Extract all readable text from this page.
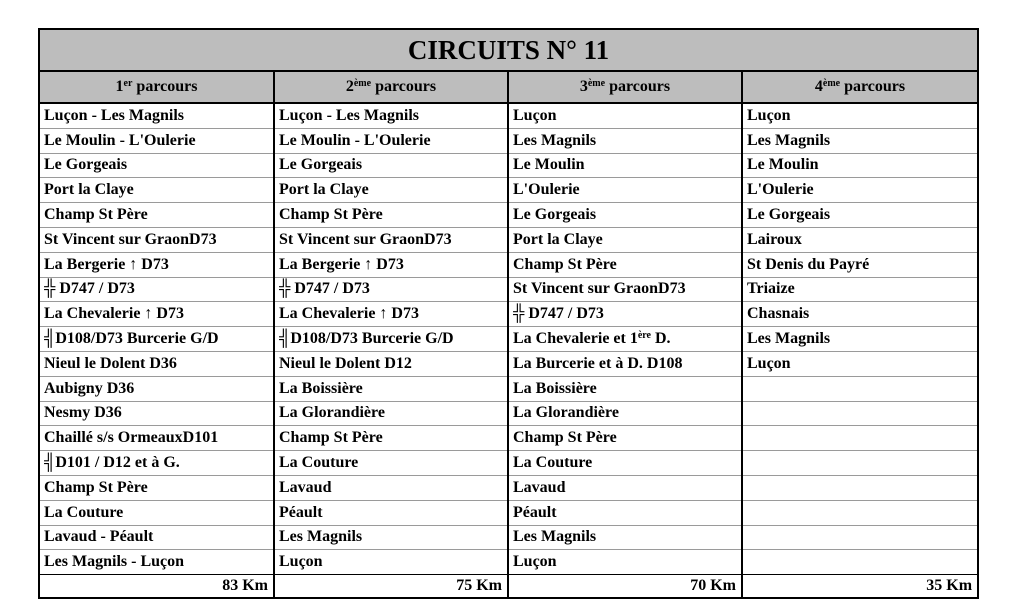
CIRCUITS N° 11			
1er parcours	2ème parcours	3ème parcours	4ème parcours
Luçon - Les Magnils	Luçon - Les Magnils	Luçon	Luçon
Le Moulin - L'Oulerie	Le Moulin - L'Oulerie	Les Magnils	Les Magnils
Le Gorgeais	Le Gorgeais	Le Moulin	Le Moulin
Port la Claye	Port la Claye	L'Oulerie	L'Oulerie
Champ St Père	Champ St Père	Le Gorgeais	Le Gorgeais
St Vincent sur GraonD73	St Vincent sur GraonD73	Port la Claye	Lairoux
La Bergerie ↑ D73	La Bergerie ↑ D73	Champ St Père	St Denis du Payré
╬ D747 / D73	╬ D747 / D73	St Vincent sur GraonD73	Triaize
La Chevalerie ↑ D73	La Chevalerie ↑ D73	╬ D747 / D73	Chasnais
╣D108/D73 Burcerie G/D	╣D108/D73 Burcerie G/D	La Chevalerie et 1ère D.	Les Magnils
Nieul le Dolent D36	Nieul le Dolent D12	La Burcerie et à D. D108	Luçon
Aubigny D36	La Boissière	La Boissière	
Nesmy D36	La Glorandière	La Glorandière	
Chaillé s/s OrmeauxD101	Champ St Père	Champ St Père	
╣D101 / D12 et à G.	La Couture	La Couture	
Champ St Père	Lavaud	Lavaud	
La Couture	Péault	Péault	
Lavaud - Péault	Les Magnils	Les Magnils	
Les Magnils - Luçon	Luçon	Luçon	
83 Km	75 Km	70 Km	35 Km
